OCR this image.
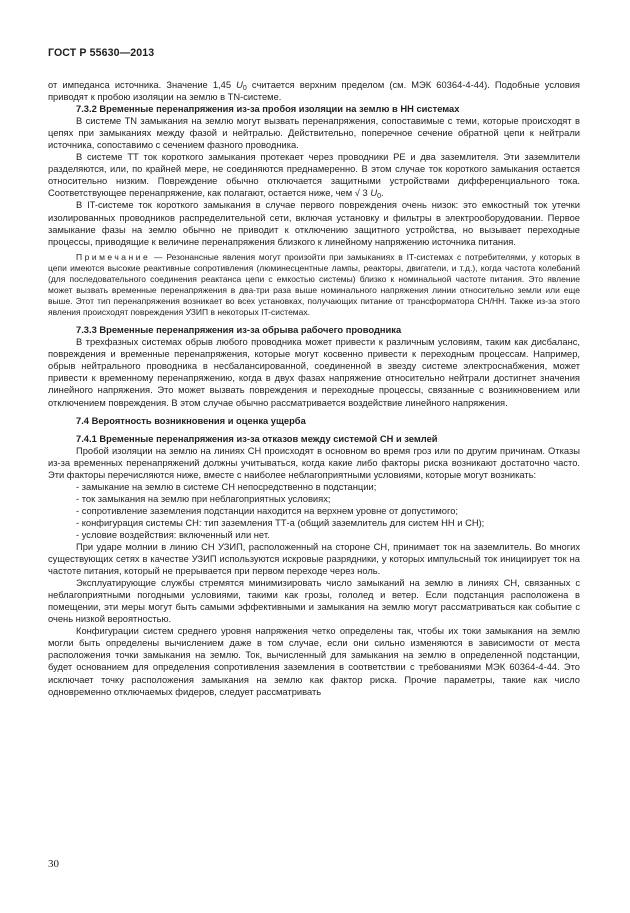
ГОСТ Р 55630—2013

от импеданса источника. Значение 1,45 $U_0$ считается верхним пределом (см. МЭК 60364-4-44). Подобные условия приводят к пробою изоляции на землю в TN-системе.

7.3.2 Временные перенапряжения из-за пробоя изоляции на землю в НН системах

В системе TN замыкания на землю могут вызвать перенапряжения, сопоставимые с теми, которые происходят в цепях при замыканиях между фазой и нейтралью. Действительно, поперечное сечение обратной цепи к нейтрали источника, сопоставимо с сечением фазного проводника.

В системе ТТ ток короткого замыкания протекает через проводники PE и два заземлителя. Эти заземлители разделяются, или, по крайней мере, не соединяются преднамеренно. В этом случае ток короткого замыкания остается относительно низким. Повреждение обычно отключается защитными устройствами дифференциального тока. Соответствующее перенапряжение, как полагают, остается ниже, чем √ 3 $U_0$.

В IT-системе ток короткого замыкания в случае первого повреждения очень низок: это емкостный ток утечки изолированных проводников распределительной сети, включая установку и фильтры в электрооборудовании. Первое замыкание фазы на землю обычно не приводит к отключению защитного устройства, но вызывает переходные процессы, приводящие к величине перенапряжения близкого к линейному напряжению источника питания.

Примечание — Резонансные явления могут произойти при замыканиях в IT-системах с потребителями, у которых в цепи имеются высокие реактивные сопротивления (люминесцентные лампы, реакторы, двигатели, и т.д.), когда частота колебаний (для последовательного соединения реактанса цепи с емкостью системы) близко к номинальной частоте питания. Это явление может вызвать временные перенапряжения в два-три раза выше номинального напряжения линии относительно земли или еще выше. Этот тип перенапряжения возникает во всех установках, получающих питание от трансформатора СН/НН. Также из-за этого явления происходят повреждения УЗИП в некоторых IT-системах.

7.3.3 Временные перенапряжения из-за обрыва рабочего проводника

В трехфазных системах обрыв любого проводника может привести к различным условиям, таким как дисбаланс, повреждения и временные перенапряжения, которые могут косвенно привести к переходным процессам. Например, обрыв нейтрального проводника в несбалансированной, соединенной в звезду системе электроснабжения, может привести к временному перенапряжению, когда в двух фазах напряжение относительно нейтрали достигнет значения линейного напряжения. Это может вызвать повреждения и переходные процессы, связанные с возникновением или отключением повреждения. В этом случае обычно рассматривается воздействие линейного напряжения.

7.4 Вероятность возникновения и оценка ущерба

7.4.1 Временные перенапряжения из-за отказов между системой СН и землей

Пробой изоляции на землю на линиях СН происходят в основном во время гроз или по другим причинам. Отказы из-за временных перенапряжений должны учитываться, когда какие либо факторы риска возникают достаточно часто. Эти факторы перечисляются ниже, вместе с наиболее неблагоприятными условиями, которые могут возникать:

- замыкание на землю в системе СН непосредственно в подстанции;

- ток замыкания на землю при неблагоприятных условиях;

- сопротивление заземления подстанции находится на верхнем уровне от допустимого;

- конфигурация системы СН: тип заземления ТТ-а (общий заземлитель для систем НН и СН);

- условие воздействия: включенный или нет.

При ударе молнии в линию СН УЗИП, расположенный на стороне СН, принимает ток на заземлитель. Во многих существующих сетях в качестве УЗИП используются искровые разрядники, у которых импульсный ток инициирует ток на частоте питания, который не прерывается при первом переходе через ноль.

Эксплуатирующие службы стремятся минимизировать число замыканий на землю в линиях СН, связанных с неблагоприятными погодными условиями, такими как грозы, гололед и ветер. Если подстанция расположена в помещении, эти меры могут быть самыми эффективными и замыкания на землю могут рассматриваться как событие с очень низкой вероятностью.

Конфигурации систем среднего уровня напряжения четко определены так, чтобы их токи замыкания на землю могли быть определены вычислением даже в том случае, если они сильно изменяются в зависимости от места расположения точки замыкания на землю. Ток, вычисленный для замыкания на землю в определенной подстанции, будет основанием для определения сопротивления заземления в соответствии с требованиями МЭК 60364-4-44. Это исключает точку расположения замыкания на землю как фактор риска. Прочие параметры, такие как число одновременно отключаемых фидеров, следует рассматривать

30
